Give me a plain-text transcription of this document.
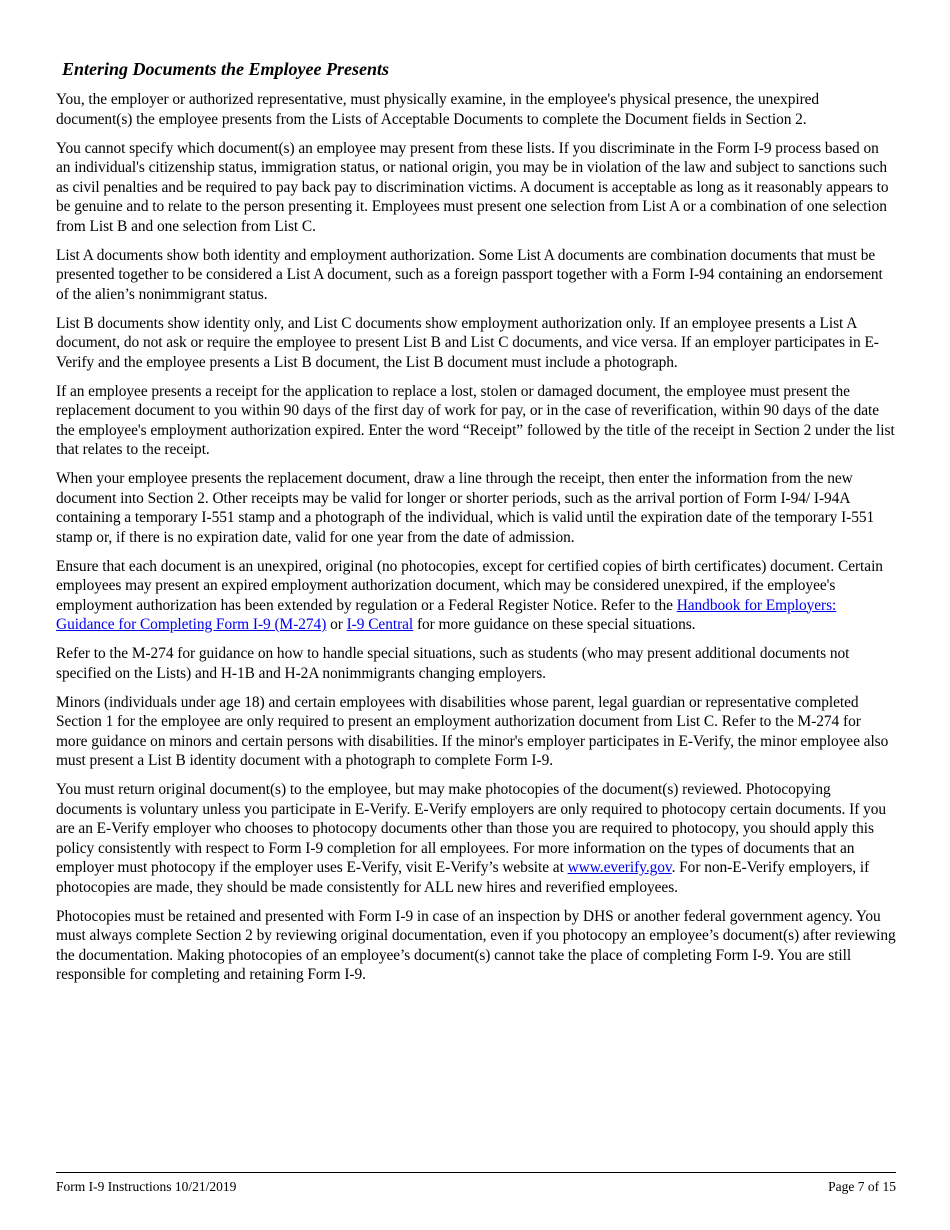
Entering Documents the Employee Presents

You, the employer or authorized representative, must physically examine, in the employee's physical presence, the unexpired document(s) the employee presents from the Lists of Acceptable Documents to complete the Document fields in Section 2.

You cannot specify which document(s) an employee may present from these lists. If you discriminate in the Form I-9 process based on an individual's citizenship status, immigration status, or national origin, you may be in violation of the law and subject to sanctions such as civil penalties and be required to pay back pay to discrimination victims. A document is acceptable as long as it reasonably appears to be genuine and to relate to the person presenting it. Employees must present one selection from List A or a combination of one selection from List B and one selection from List C.

List A documents show both identity and employment authorization. Some List A documents are combination documents that must be presented together to be considered a List A document, such as a foreign passport together with a Form I-94 containing an endorsement of the alien’s nonimmigrant status.

List B documents show identity only, and List C documents show employment authorization only. If an employee presents a List A document, do not ask or require the employee to present List B and List C documents, and vice versa. If an employer participates in E-Verify and the employee presents a List B document, the List B document must include a photograph.

If an employee presents a receipt for the application to replace a lost, stolen or damaged document, the employee must present the replacement document to you within 90 days of the first day of work for pay, or in the case of reverification, within 90 days of the date the employee's employment authorization expired. Enter the word “Receipt” followed by the title of the receipt in Section 2 under the list that relates to the receipt.

When your employee presents the replacement document, draw a line through the receipt, then enter the information from the new document into Section 2. Other receipts may be valid for longer or shorter periods, such as the arrival portion of Form I-94/ I-94A containing a temporary I-551 stamp and a photograph of the individual, which is valid until the expiration date of the temporary I-551 stamp or, if there is no expiration date, valid for one year from the date of admission.

Ensure that each document is an unexpired, original (no photocopies, except for certified copies of birth certificates) document. Certain employees may present an expired employment authorization document, which may be considered unexpired, if the employee's employment authorization has been extended by regulation or a Federal Register Notice. Refer to the Handbook for Employers: Guidance for Completing Form I-9 (M-274) or I-9 Central for more guidance on these special situations.

Refer to the M-274 for guidance on how to handle special situations, such as students (who may present additional documents not specified on the Lists) and H-1B and H-2A nonimmigrants changing employers.

Minors (individuals under age 18) and certain employees with disabilities whose parent, legal guardian or representative completed Section 1 for the employee are only required to present an employment authorization document from List C. Refer to the M-274 for more guidance on minors and certain persons with disabilities. If the minor's employer participates in E-Verify, the minor employee also must present a List B identity document with a photograph to complete Form I-9.

You must return original document(s) to the employee, but may make photocopies of the document(s) reviewed. Photocopying documents is voluntary unless you participate in E-Verify. E-Verify employers are only required to photocopy certain documents. If you are an E-Verify employer who chooses to photocopy documents other than those you are required to photocopy, you should apply this policy consistently with respect to Form I-9 completion for all employees. For more information on the types of documents that an employer must photocopy if the employer uses E-Verify, visit E-Verify’s website at www.everify.gov. For non-E-Verify employers, if photocopies are made, they should be made consistently for ALL new hires and reverified employees.

Photocopies must be retained and presented with Form I-9 in case of an inspection by DHS or another federal government agency. You must always complete Section 2 by reviewing original documentation, even if you photocopy an employee’s document(s) after reviewing the documentation. Making photocopies of an employee’s document(s) cannot take the place of completing Form I-9. You are still responsible for completing and retaining Form I-9.

Form I-9 Instructions 10/21/2019	Page 7 of 15
